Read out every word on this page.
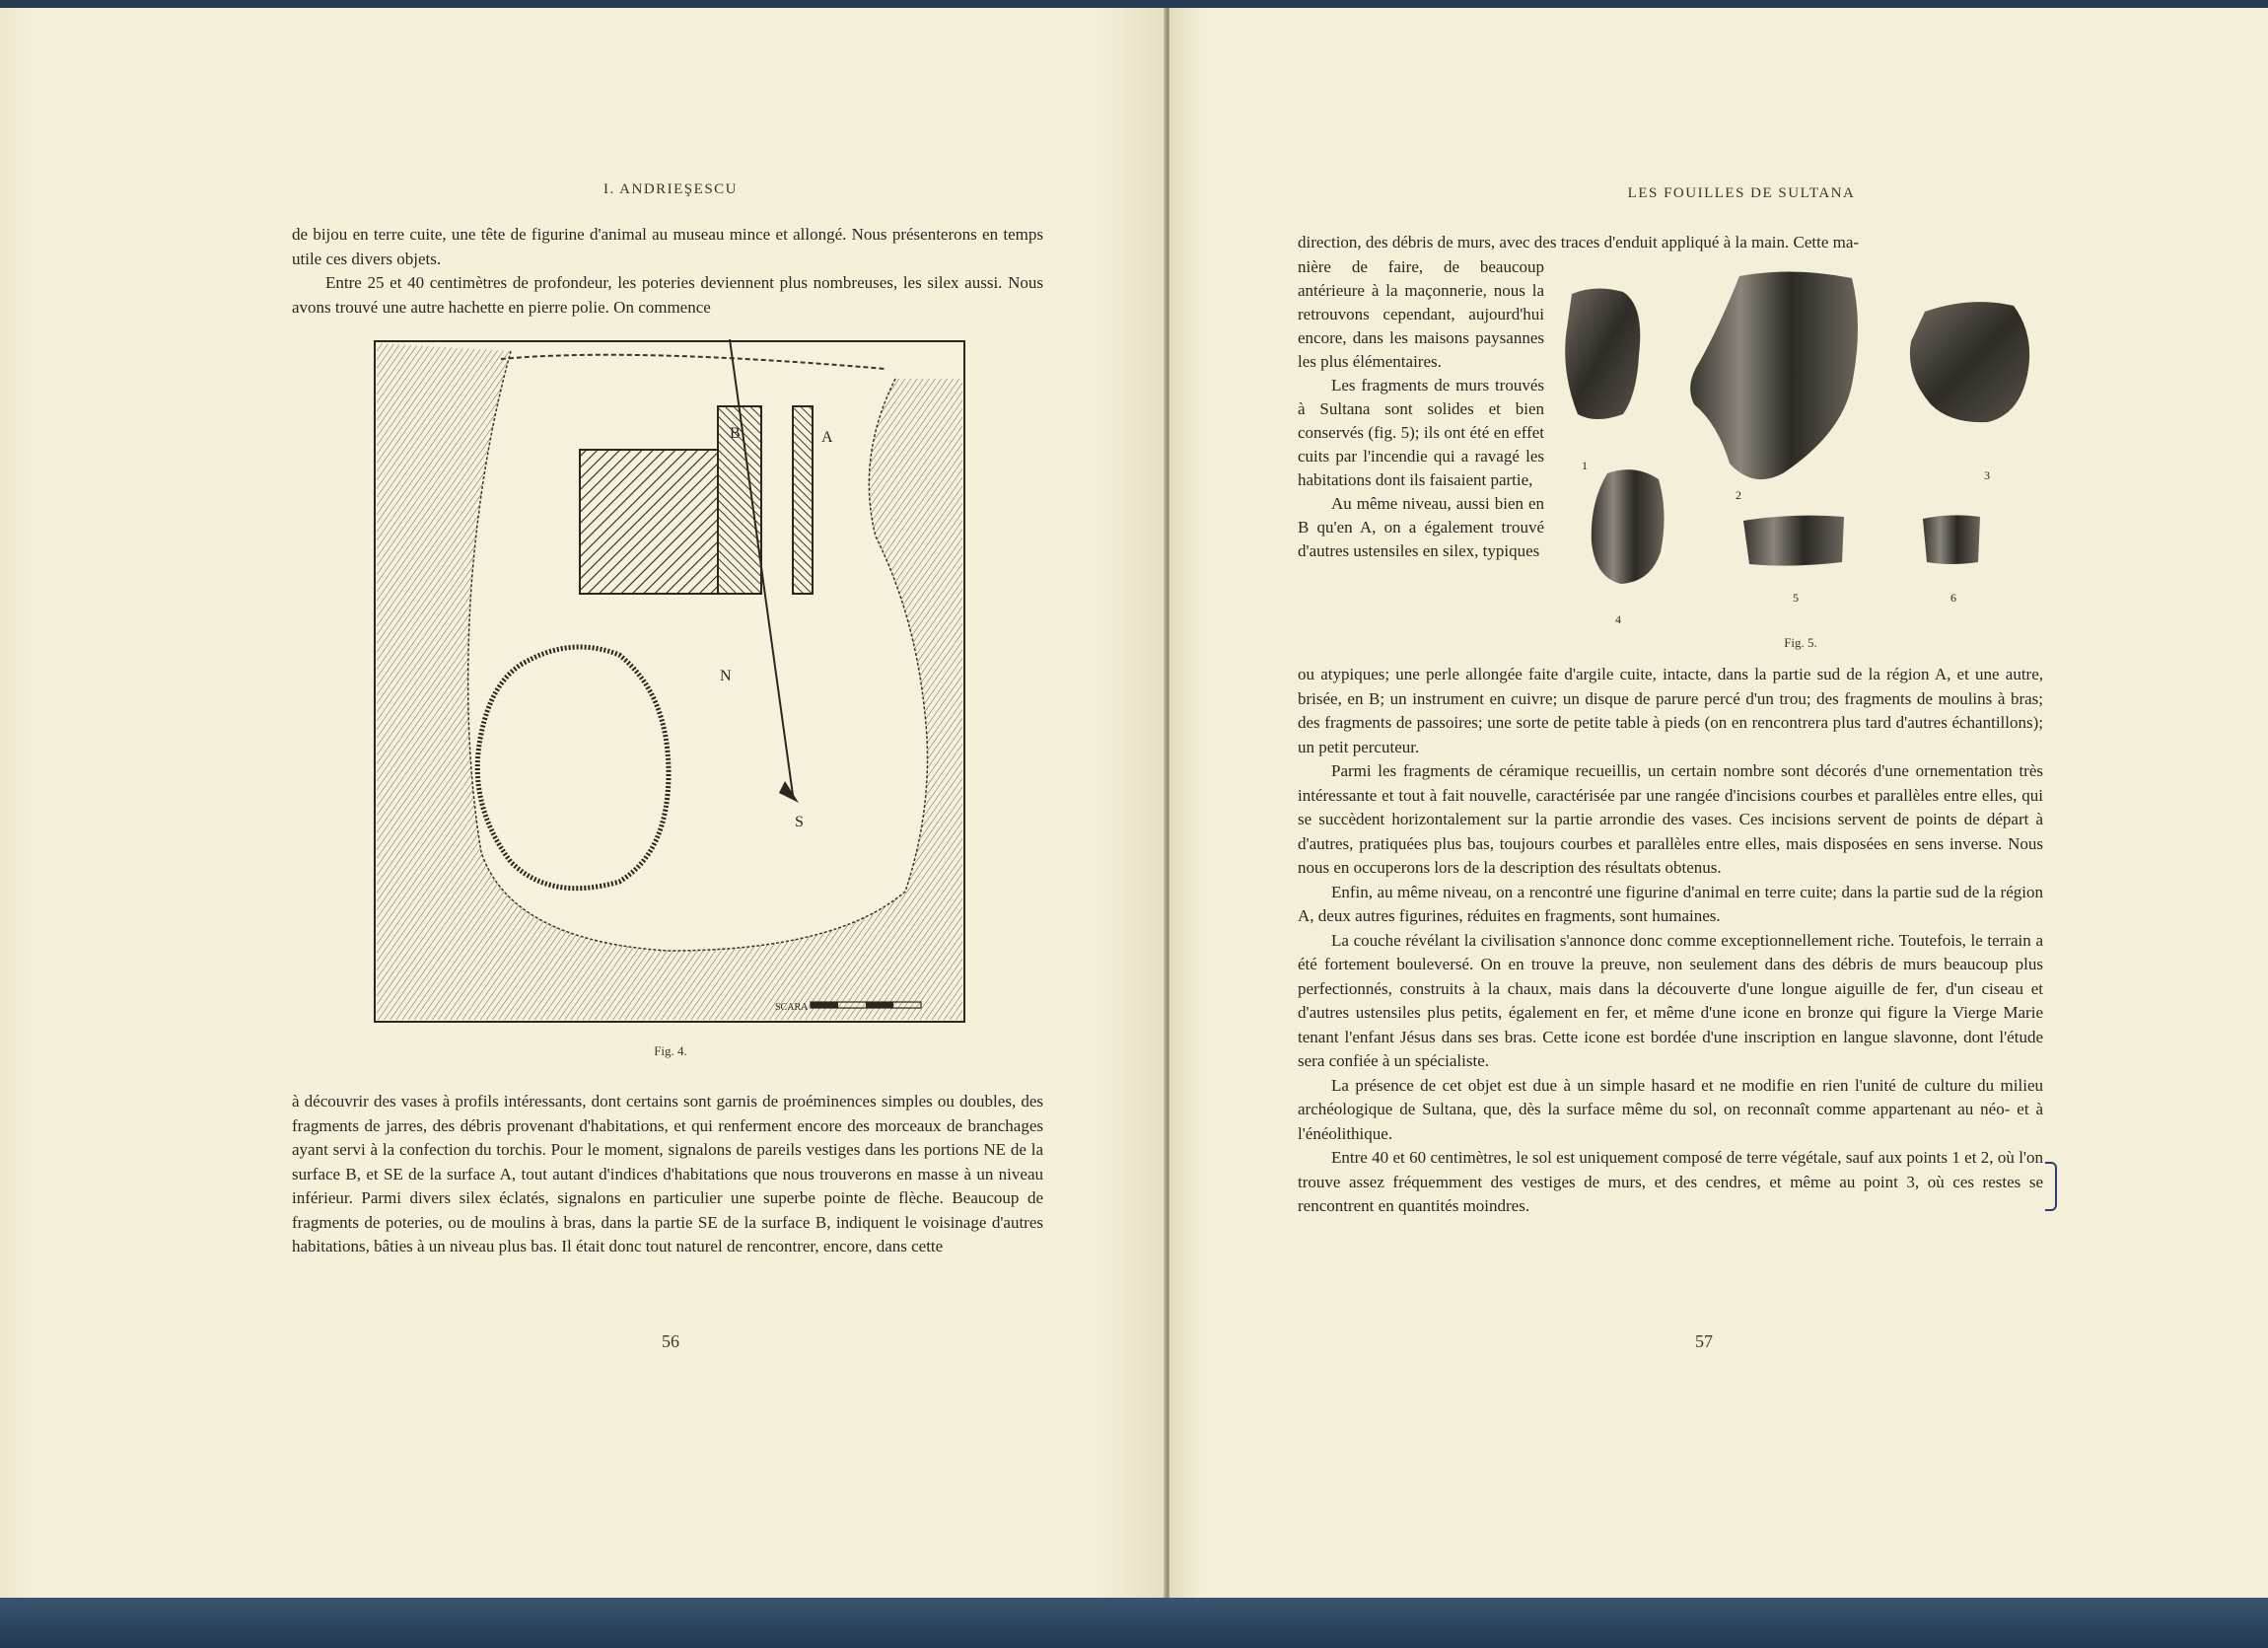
I. ANDRIEŞESCU

de bijou en terre cuite, une tête de figurine d'animal au museau mince et allongé. Nous présenterons en temps utile ces divers objets.

Entre 25 et 40 centimètres de profondeur, les poteries deviennent plus nombreuses, les silex aussi. Nous avons trouvé une autre hachette en pierre polie. On commence

B	A
N
S
SCARA
Fig. 4.

à découvrir des vases à profils intéressants, dont certains sont garnis de proéminences simples ou doubles, des fragments de jarres, des débris provenant d'habitations, et qui renferment encore des morceaux de branchages ayant servi à la confection du torchis. Pour le moment, signalons de pareils vestiges dans les portions NE de la surface B, et SE de la surface A, tout autant d'indices d'habitations que nous trouverons en masse à un niveau inférieur. Parmi divers silex éclatés, signalons en particulier une superbe pointe de flèche. Beaucoup de fragments de poteries, ou de moulins à bras, dans la partie SE de la surface B, indiquent le voisinage d'autres habitations, bâties à un niveau plus bas. Il était donc tout naturel de rencontrer, encore, dans cette

56
LES FOUILLES DE SULTANA

direction, des débris de murs, avec des traces d'enduit appliqué à la main. Cette ma-

nière de faire, de beaucoup antérieure à la maçonnerie, nous la retrouvons cependant, aujourd'hui encore, dans les maisons paysannes les plus élémentaires.

Les fragments de murs trouvés à Sultana sont solides et bien conservés (fig. 5); ils ont été en effet cuits par l'incendie qui a ravagé les habitations dont ils faisaient partie,

Au même niveau, aussi bien en B qu'en A, on a également trouvé d'autres ustensiles en silex, typiques

1
2
3
4
5	6
Fig. 5.

ou atypiques; une perle allongée faite d'argile cuite, intacte, dans la partie sud de la région A, et une autre, brisée, en B; un instrument en cuivre; un disque de parure percé d'un trou; des fragments de moulins à bras; des fragments de passoires; une sorte de petite table à pieds (on en rencontrera plus tard d'autres échantillons); un petit percuteur.

Parmi les fragments de céramique recueillis, un certain nombre sont décorés d'une ornementation très intéressante et tout à fait nouvelle, caractérisée par une rangée d'incisions courbes et parallèles entre elles, qui se succèdent horizontalement sur la partie arrondie des vases. Ces incisions servent de points de départ à d'autres, pratiquées plus bas, toujours courbes et parallèles entre elles, mais disposées en sens inverse. Nous nous en occuperons lors de la description des résultats obtenus.

Enfin, au même niveau, on a rencontré une figurine d'animal en terre cuite; dans la partie sud de la région A, deux autres figurines, réduites en fragments, sont humaines.

La couche révélant la civilisation s'annonce donc comme exceptionnellement riche. Toutefois, le terrain a été fortement bouleversé. On en trouve la preuve, non seulement dans des débris de murs beaucoup plus perfectionnés, construits à la chaux, mais dans la découverte d'une longue aiguille de fer, d'un ciseau et d'autres ustensiles plus petits, également en fer, et même d'une icone en bronze qui figure la Vierge Marie tenant l'enfant Jésus dans ses bras. Cette icone est bordée d'une inscription en langue slavonne, dont l'étude sera confiée à un spécialiste.

La présence de cet objet est due à un simple hasard et ne modifie en rien l'unité de culture du milieu archéologique de Sultana, que, dès la surface même du sol, on reconnaît comme appartenant au néo- et à l'énéolithique.

Entre 40 et 60 centimètres, le sol est uniquement composé de terre végétale, sauf aux points 1 et 2, où l'on trouve assez fréquemment des vestiges de murs, et des cendres, et même au point 3, où ces restes se rencontrent en quantités moindres.

57
